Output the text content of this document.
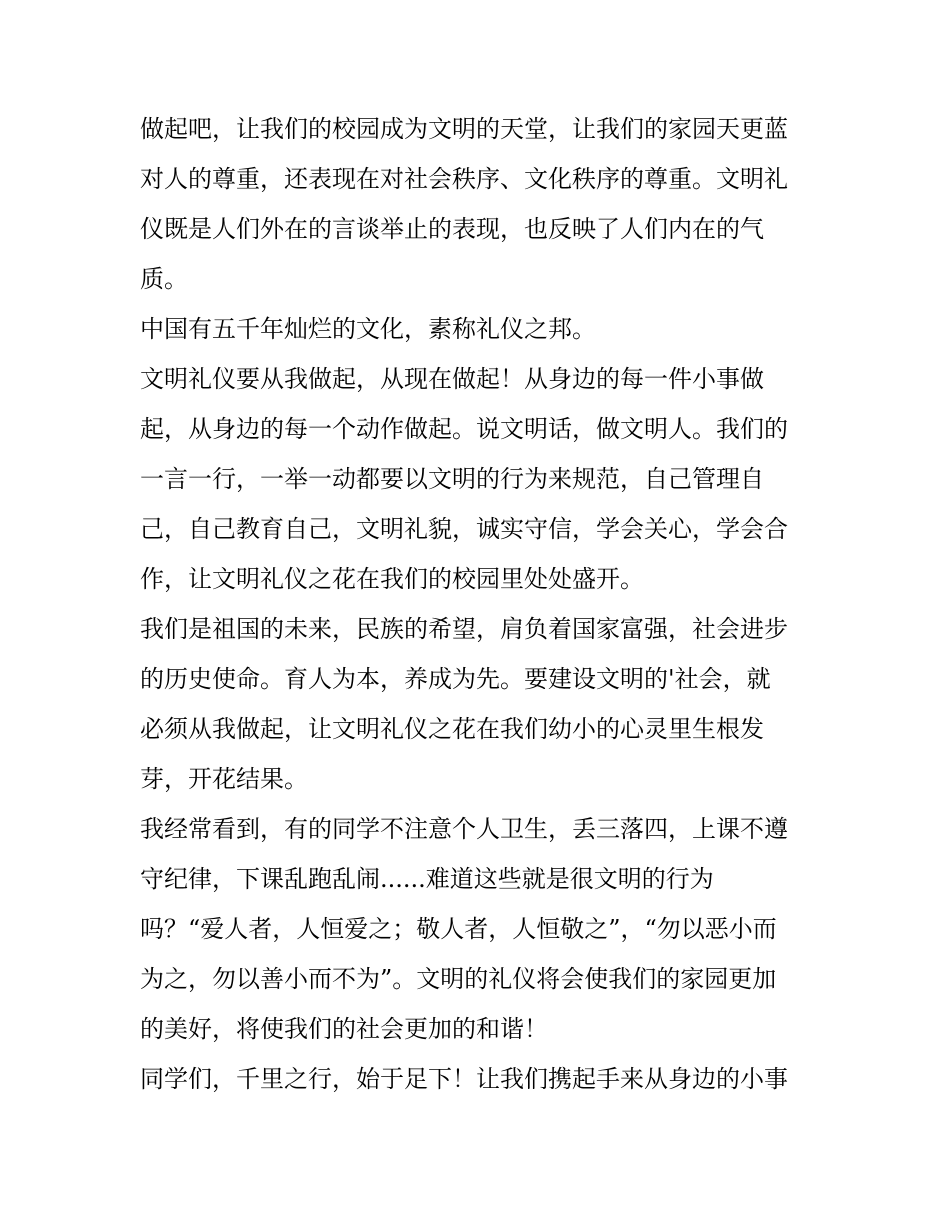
做起吧，让我们的校园成为文明的天堂，让我们的家园天更蓝
对人的尊重，还表现在对社会秩序、文化秩序的尊重。文明礼
仪既是人们外在的言谈举止的表现，也反映了人们内在的气
质。
中国有五千年灿烂的文化，素称礼仪之邦。
文明礼仪要从我做起，从现在做起！从身边的每一件小事做
起，从身边的每一个动作做起。说文明话，做文明人。我们的
一言一行，一举一动都要以文明的行为来规范，自己管理自
己，自己教育自己，文明礼貌，诚实守信，学会关心，学会合
作，让文明礼仪之花在我们的校园里处处盛开。
我们是祖国的未来，民族的希望，肩负着国家富强，社会进步
的历史使命。育人为本，养成为先。要建设文明的'社会，就
必须从我做起，让文明礼仪之花在我们幼小的心灵里生根发
芽，开花结果。
我经常看到，有的同学不注意个人卫生，丢三落四，上课不遵
守纪律，下课乱跑乱闹......难道这些就是很文明的行为
吗？“爱人者，人恒爱之；敬人者，人恒敬之”，“勿以恶小而
为之，勿以善小而不为”。文明的礼仪将会使我们的家园更加
的美好，将使我们的社会更加的和谐！
同学们，千里之行，始于足下！让我们携起手来从身边的小事
